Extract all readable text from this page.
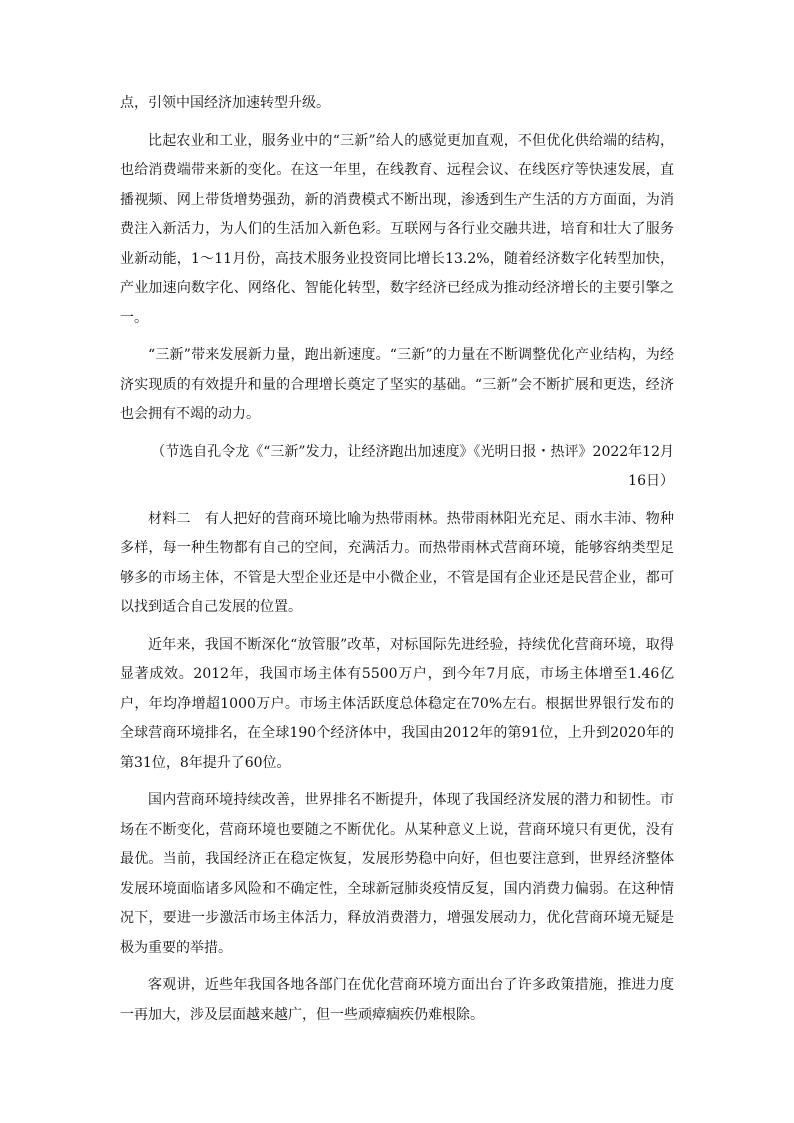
点，引领中国经济加速转型升级。

比起农业和工业，服务业中的“三新”给人的感觉更加直观，不但优化供给端的结构，也给消费端带来新的变化。在这一年里，在线教育、远程会议、在线医疗等快速发展，直播视频、网上带货增势强劲，新的消费模式不断出现，渗透到生产生活的方方面面，为消费注入新活力，为人们的生活加入新色彩。互联网与各行业交融共进，培育和壮大了服务业新动能，1～11月份，高技术服务业投资同比增长13.2%，随着经济数字化转型加快，产业加速向数字化、网络化、智能化转型，数字经济已经成为推动经济增长的主要引擎之一。

“三新”带来发展新力量，跑出新速度。“三新”的力量在不断调整优化产业结构，为经济实现质的有效提升和量的合理增长奠定了坚实的基础。“三新”会不断扩展和更迭，经济也会拥有不竭的动力。

（节选自孔令龙《“三新”发力，让经济跑出加速度》《光明日报・热评》2022年12月16日）

材料二　有人把好的营商环境比喻为热带雨林。热带雨林阳光充足、雨水丰沛、物种多样，每一种生物都有自己的空间，充满活力。而热带雨林式营商环境，能够容纳类型足够多的市场主体，不管是大型企业还是中小微企业，不管是国有企业还是民营企业，都可以找到适合自己发展的位置。

近年来，我国不断深化“放管服”改革，对标国际先进经验，持续优化营商环境，取得显著成效。2012年，我国市场主体有5500万户，到今年7月底，市场主体增至1.46亿户，年均净增超1000万户。市场主体活跃度总体稳定在70%左右。根据世界银行发布的全球营商环境排名，在全球190个经济体中，我国由2012年的第91位，上升到2020年的第31位，8年提升了60位。

国内营商环境持续改善，世界排名不断提升，体现了我国经济发展的潜力和韧性。市场在不断变化，营商环境也要随之不断优化。从某种意义上说，营商环境只有更优，没有最优。当前，我国经济正在稳定恢复，发展形势稳中向好，但也要注意到，世界经济整体发展环境面临诸多风险和不确定性，全球新冠肺炎疫情反复，国内消费力偏弱。在这种情况下，要进一步激活市场主体活力，释放消费潜力，增强发展动力，优化营商环境无疑是极为重要的举措。

客观讲，近些年我国各地各部门在优化营商环境方面出台了许多政策措施，推进力度一再加大，涉及层面越来越广，但一些顽瘴痼疾仍难根除。
